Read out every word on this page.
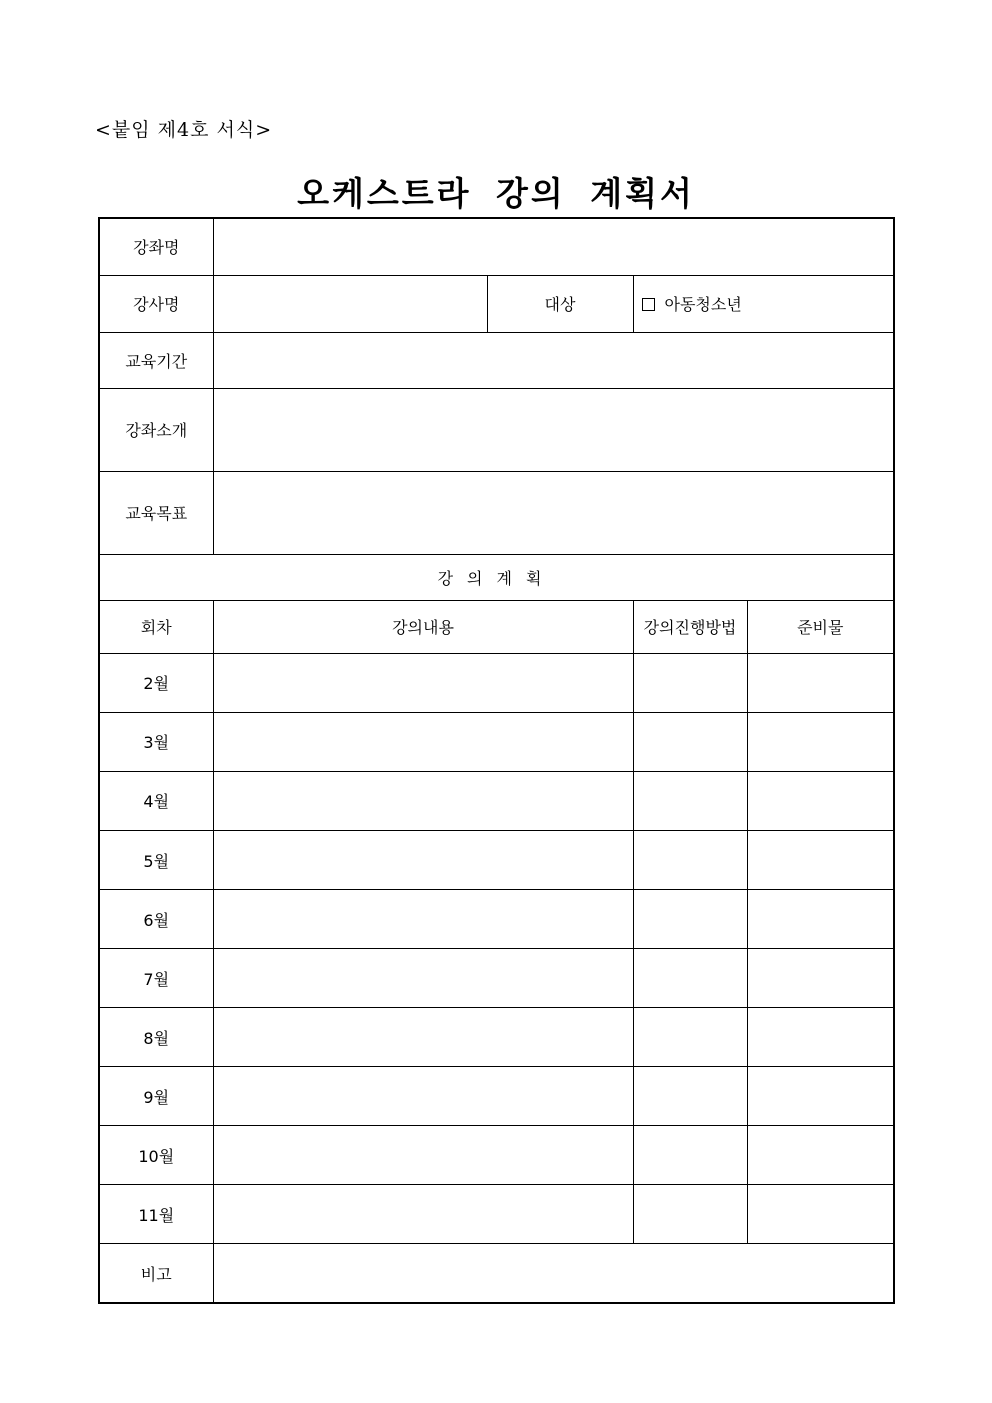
<붙임 제4호 서식>
오케스트라 강의 계획서
강좌명				
강사명		대상	아동청소년	
교육기간				
강좌소개				
교육목표				
강의계획				
회차	강의내용		강의진행방법	준비물
2월				
3월				
4월				
5월				
6월				
7월				
8월				
9월				
10월				
11월				
비고				
